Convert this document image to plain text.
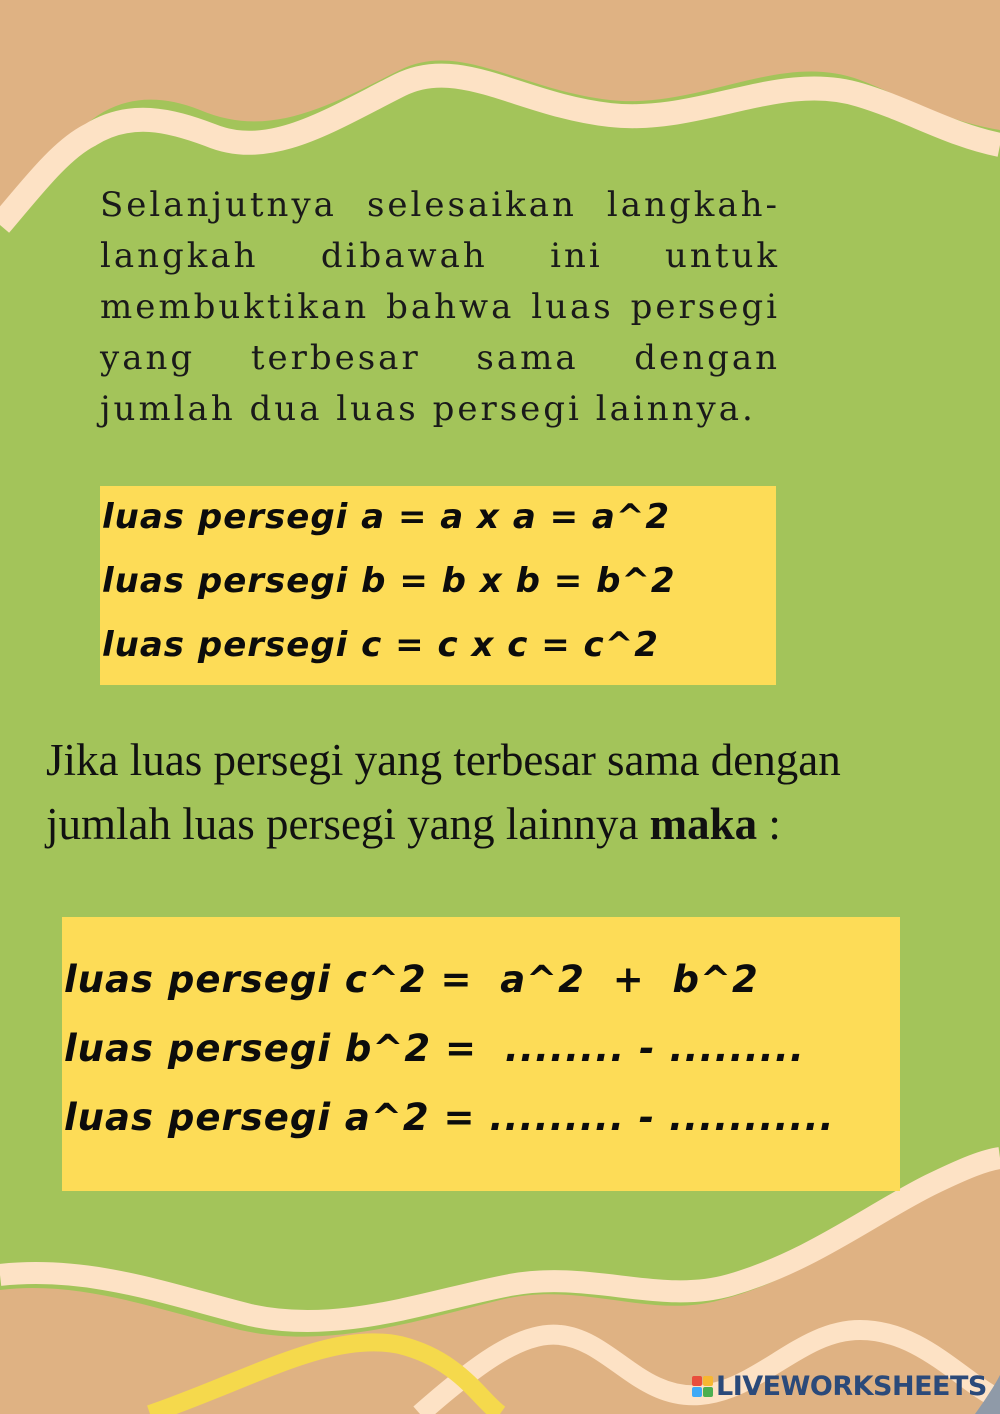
Selanjutnya selesaikan langkah-langkah dibawah ini untuk membuktikan bahwa luas persegi yang terbesar sama dengan jumlah dua luas persegi lainnya.
luas persegi a = a x a = a^2
luas persegi b = b x b = b^2
luas persegi c = c x c = c^2
Jika luas persegi yang terbesar sama dengan jumlah luas persegi yang lainnya maka :
luas persegi c^2 =  a^2  +  b^2
luas persegi b^2 =  ........ - .........
luas persegi a^2 = ......... - ...........
LIVEWORKSHEETS
